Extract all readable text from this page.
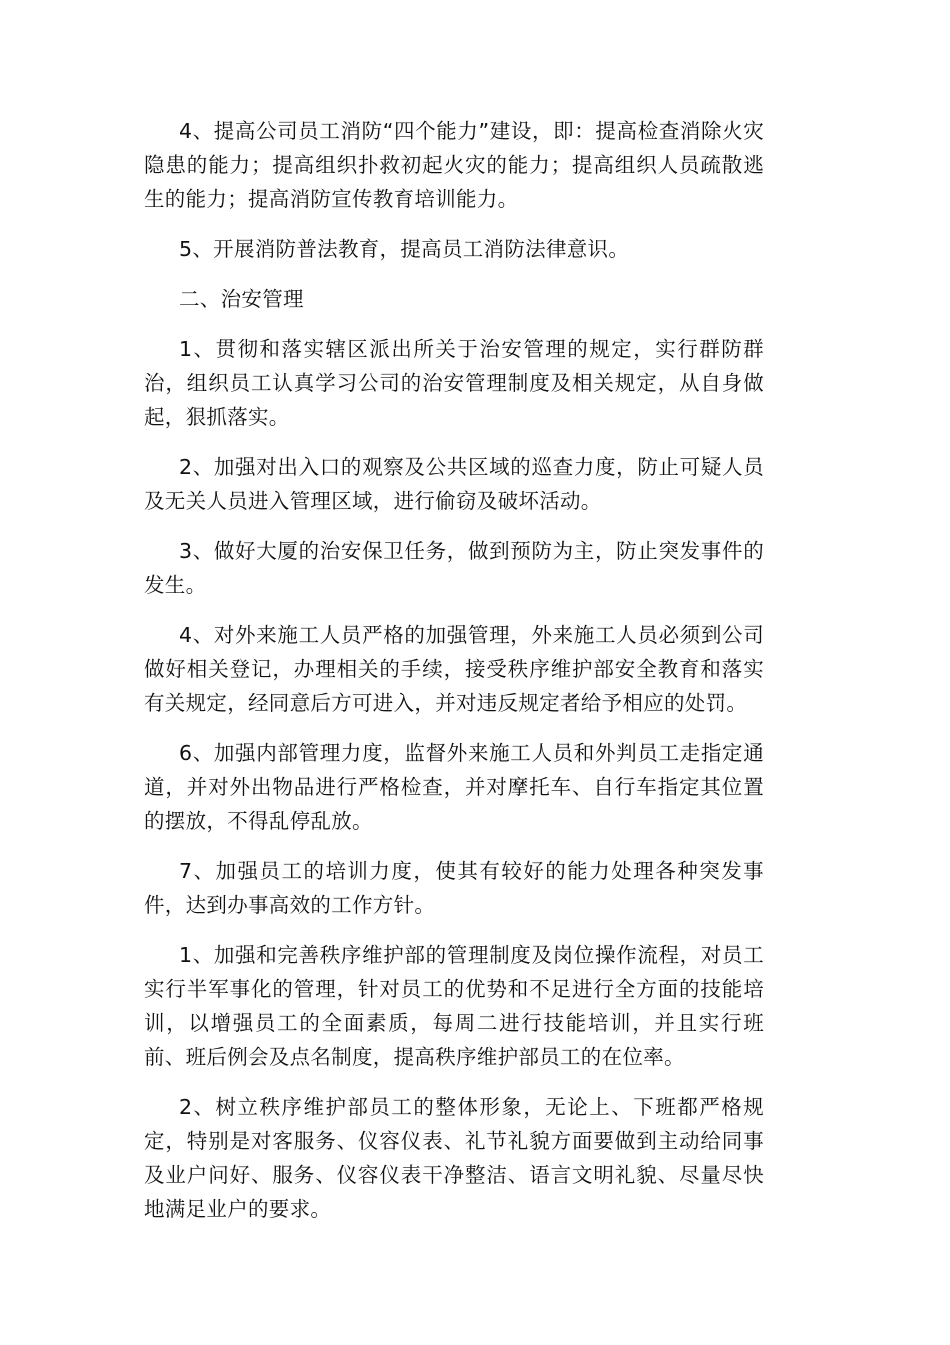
4、提高公司员工消防“四个能力”建设，即：提高检查消除火灾隐患的能力；提高组织扑救初起火灾的能力；提高组织人员疏散逃生的能力；提高消防宣传教育培训能力。

5、开展消防普法教育，提高员工消防法律意识。

二、治安管理

1、贯彻和落实辖区派出所关于治安管理的规定，实行群防群治，组织员工认真学习公司的治安管理制度及相关规定，从自身做起，狠抓落实。

2、加强对出入口的观察及公共区域的巡查力度，防止可疑人员及无关人员进入管理区域，进行偷窃及破坏活动。

3、做好大厦的治安保卫任务，做到预防为主，防止突发事件的发生。

4、对外来施工人员严格的加强管理，外来施工人员必须到公司做好相关登记，办理相关的手续，接受秩序维护部安全教育和落实有关规定，经同意后方可进入，并对违反规定者给予相应的处罚。

6、加强内部管理力度，监督外来施工人员和外判员工走指定通道，并对外出物品进行严格检查，并对摩托车、自行车指定其位置的摆放，不得乱停乱放。

7、加强员工的培训力度，使其有较好的能力处理各种突发事件，达到办事高效的工作方针。

1、加强和完善秩序维护部的管理制度及岗位操作流程，对员工实行半军事化的管理，针对员工的优势和不足进行全方面的技能培训，以增强员工的全面素质，每周二进行技能培训，并且实行班前、班后例会及点名制度，提高秩序维护部员工的在位率。

2、树立秩序维护部员工的整体形象，无论上、下班都严格规定，特别是对客服务、仪容仪表、礼节礼貌方面要做到主动给同事及业户问好、服务、仪容仪表干净整洁、语言文明礼貌、尽量尽快地满足业户的要求。
